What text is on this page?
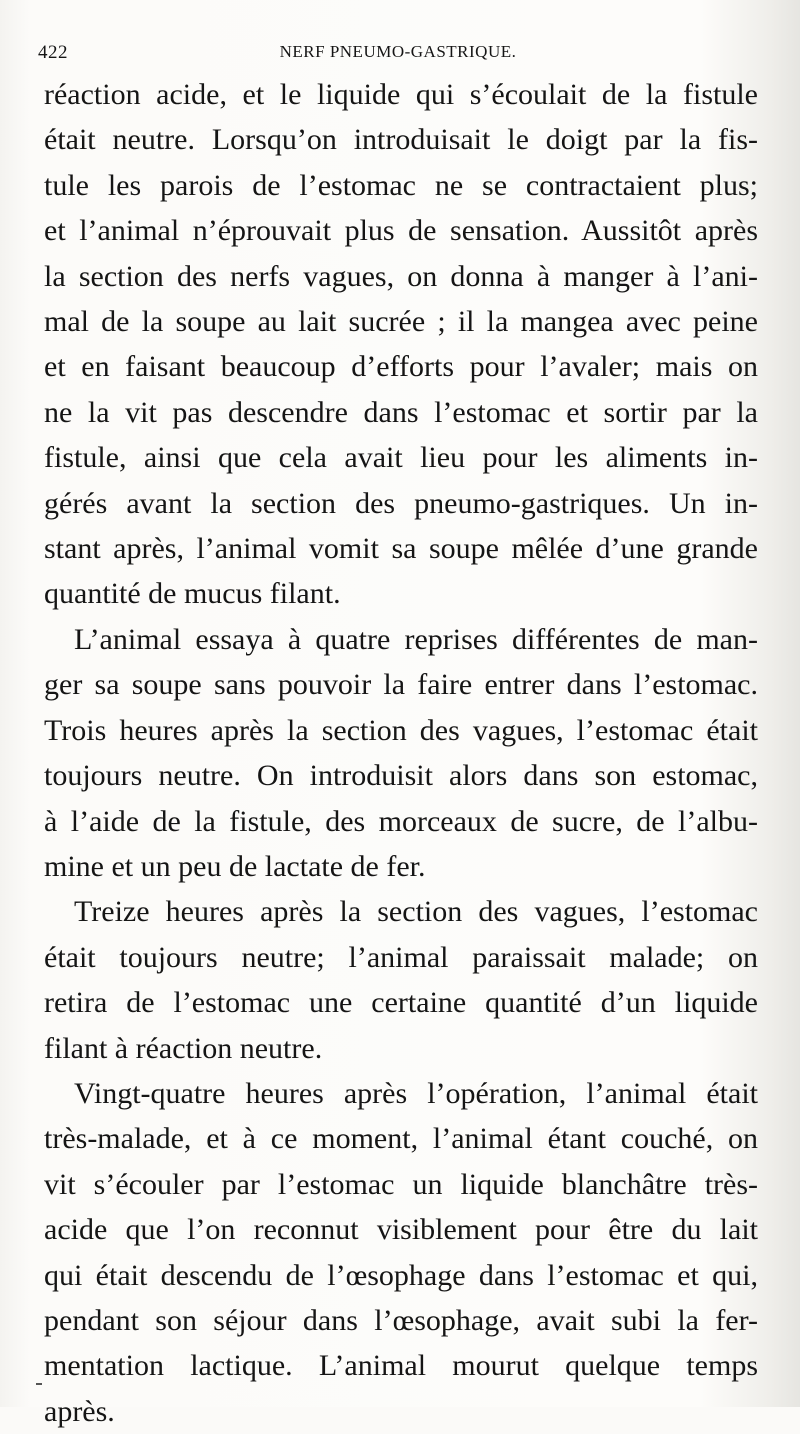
422	NERF PNEUMO-GASTRIQUE.
réaction acide, et le liquide qui s’écoulait de la fistule
était neutre. Lorsqu’on introduisait le doigt par la fis-
tule les parois de l’estomac ne se contractaient plus;
et l’animal n’éprouvait plus de sensation. Aussitôt après
la section des nerfs vagues, on donna à manger à l’ani-
mal de la soupe au lait sucrée ; il la mangea avec peine
et en faisant beaucoup d’efforts pour l’avaler; mais on
ne la vit pas descendre dans l’estomac et sortir par la
fistule, ainsi que cela avait lieu pour les aliments in-
gérés avant la section des pneumo-gastriques. Un in-
stant après, l’animal vomit sa soupe mêlée d’une grande
quantité de mucus filant.
L’animal essaya à quatre reprises différentes de man-
ger sa soupe sans pouvoir la faire entrer dans l’estomac.
Trois heures après la section des vagues, l’estomac était
toujours neutre. On introduisit alors dans son estomac,
à l’aide de la fistule, des morceaux de sucre, de l’albu-
mine et un peu de lactate de fer.
Treize heures après la section des vagues, l’estomac
était toujours neutre; l’animal paraissait malade; on
retira de l’estomac une certaine quantité d’un liquide
filant à réaction neutre.
Vingt-quatre heures après l’opération, l’animal était
très-malade, et à ce moment, l’animal étant couché, on
vit s’écouler par l’estomac un liquide blanchâtre très-
acide que l’on reconnut visiblement pour être du lait
qui était descendu de l’œsophage dans l’estomac et qui,
pendant son séjour dans l’œsophage, avait subi la fer-
mentation lactique. L’animal mourut quelque temps
après.
